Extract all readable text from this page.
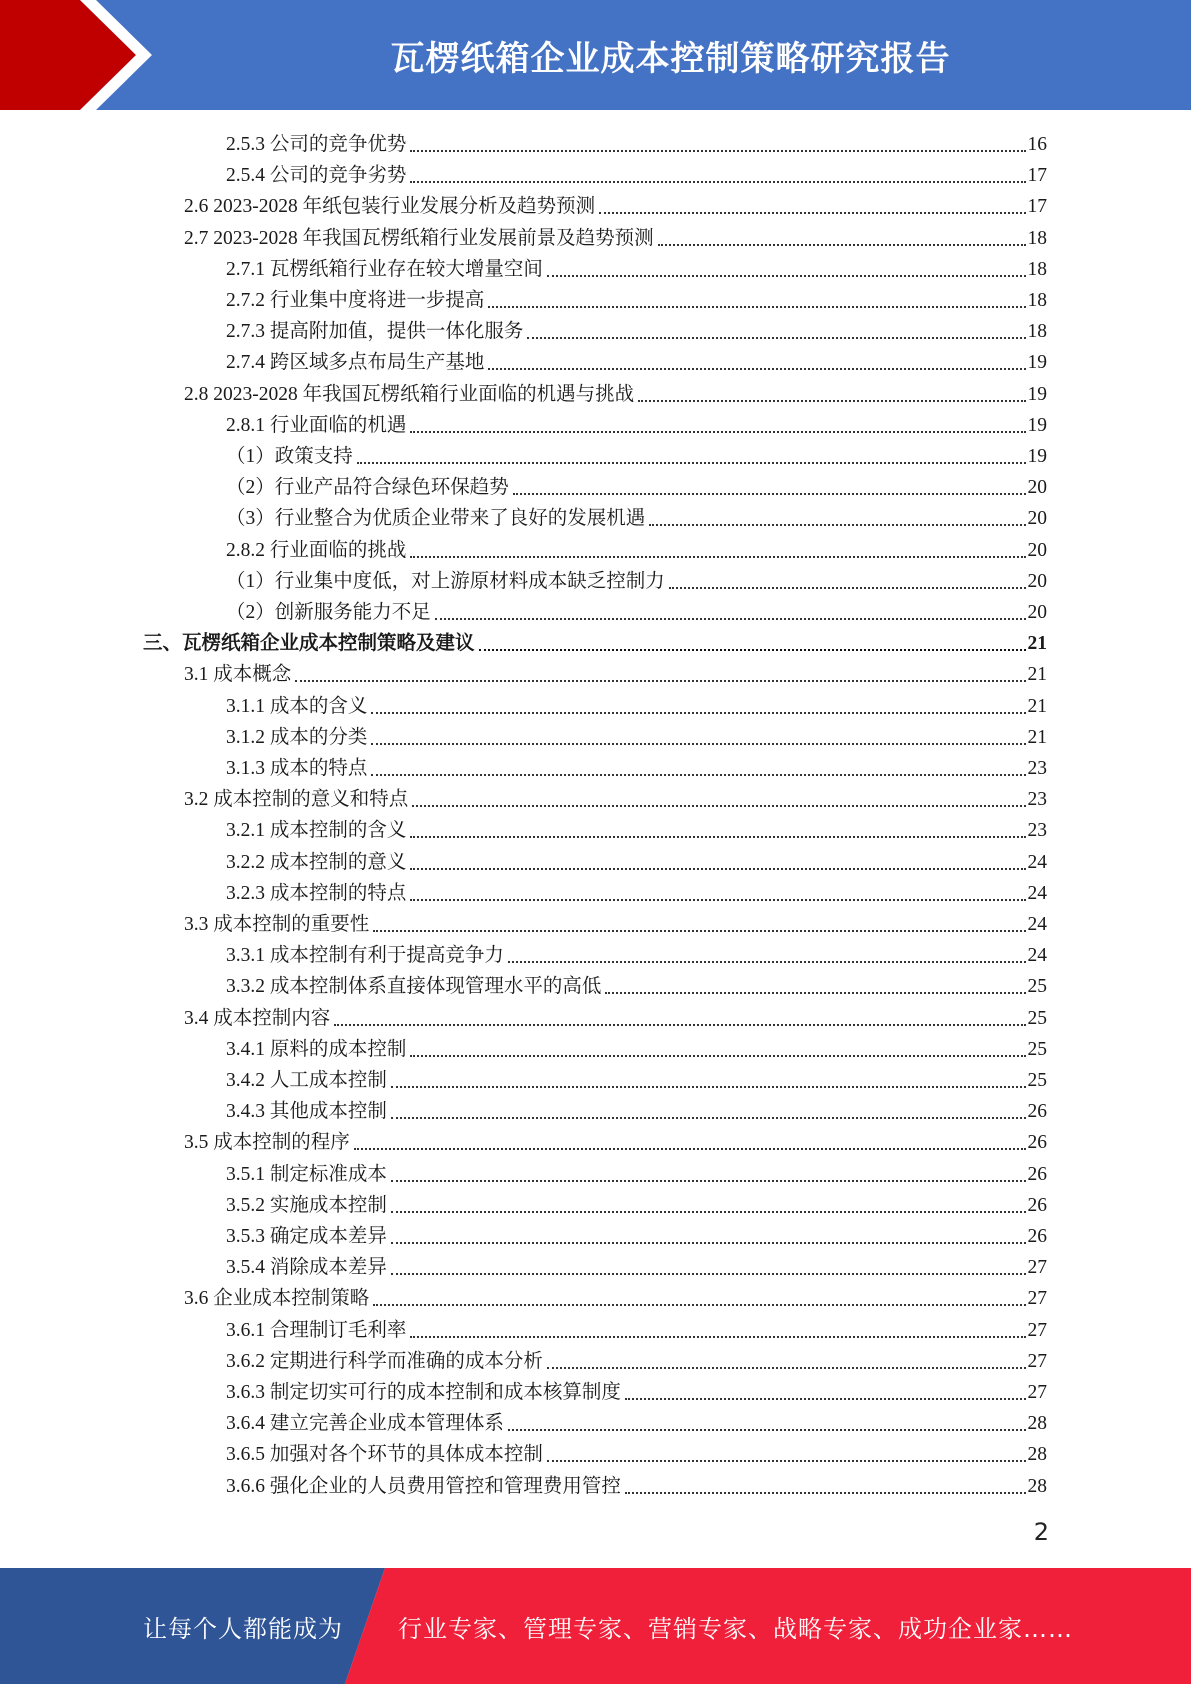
瓦楞纸箱企业成本控制策略研究报告
2.5.3 公司的竞争优势	16
2.5.4 公司的竞争劣势	17
2.6 2023-2028 年纸包装行业发展分析及趋势预测	17
2.7 2023-2028 年我国瓦楞纸箱行业发展前景及趋势预测	18
2.7.1 瓦楞纸箱行业存在较大增量空间	18
2.7.2 行业集中度将进一步提高	18
2.7.3 提高附加值，提供一体化服务	18
2.7.4 跨区域多点布局生产基地	19
2.8 2023-2028 年我国瓦楞纸箱行业面临的机遇与挑战	19
2.8.1 行业面临的机遇	19
（1）政策支持	19
（2）行业产品符合绿色环保趋势	20
（3）行业整合为优质企业带来了良好的发展机遇	20
2.8.2 行业面临的挑战	20
（1）行业集中度低，对上游原材料成本缺乏控制力	20
（2）创新服务能力不足	20
三、瓦楞纸箱企业成本控制策略及建议	21
3.1 成本概念	21
3.1.1 成本的含义	21
3.1.2 成本的分类	21
3.1.3 成本的特点	23
3.2 成本控制的意义和特点	23
3.2.1 成本控制的含义	23
3.2.2 成本控制的意义	24
3.2.3 成本控制的特点	24
3.3 成本控制的重要性	24
3.3.1 成本控制有利于提高竞争力	24
3.3.2 成本控制体系直接体现管理水平的高低	25
3.4 成本控制内容	25
3.4.1 原料的成本控制	25
3.4.2 人工成本控制	25
3.4.3 其他成本控制	26
3.5 成本控制的程序	26
3.5.1 制定标准成本	26
3.5.2 实施成本控制	26
3.5.3 确定成本差异	26
3.5.4 消除成本差异	27
3.6 企业成本控制策略	27
3.6.1 合理制订毛利率	27
3.6.2 定期进行科学而准确的成本分析	27
3.6.3 制定切实可行的成本控制和成本核算制度	27
3.6.4 建立完善企业成本管理体系	28
3.6.5 加强对各个环节的具体成本控制	28
3.6.6 强化企业的人员费用管控和管理费用管控	28
2
让每个人都能成为 行业专家、管理专家、营销专家、战略专家、成功企业家……
